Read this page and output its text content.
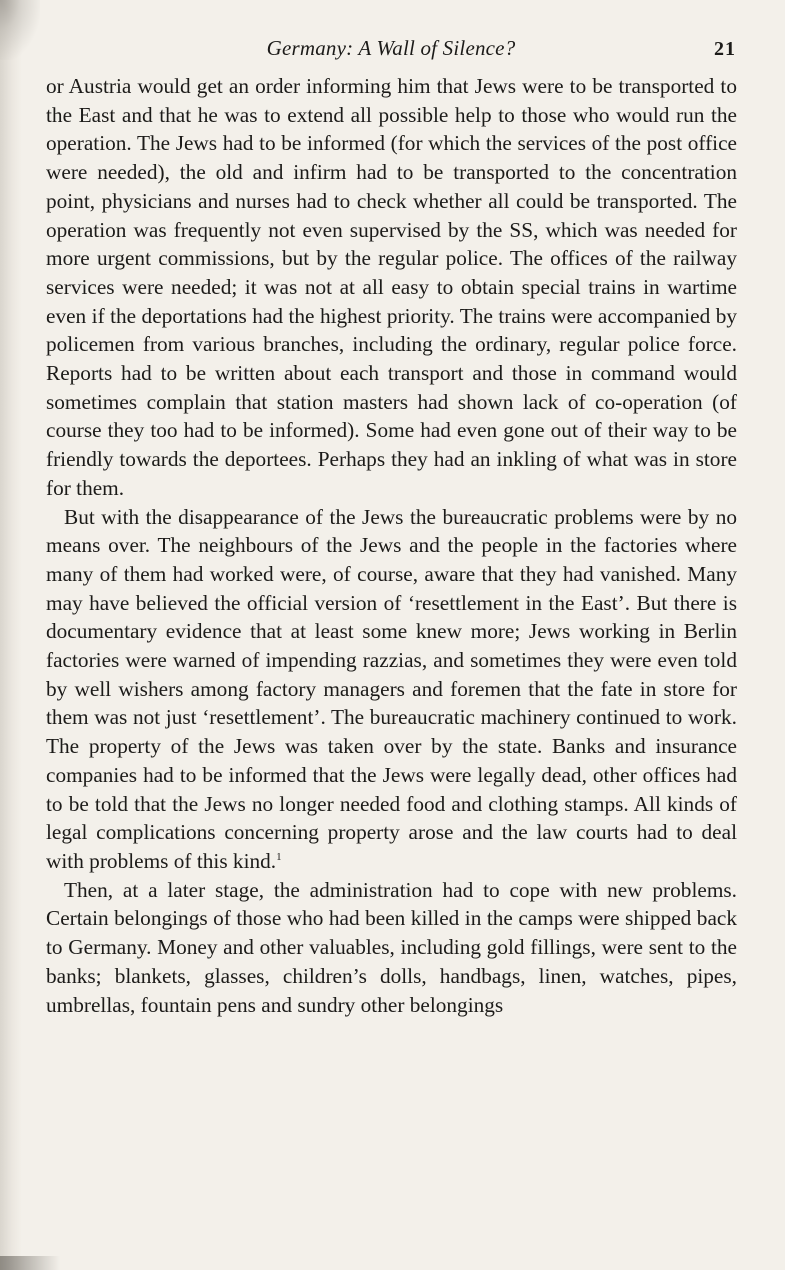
Germany: A Wall of Silence?	21

or Austria would get an order informing him that Jews were to be transported to the East and that he was to extend all possible help to those who would run the operation. The Jews had to be informed (for which the services of the post office were needed), the old and infirm had to be transported to the concentration point, physicians and nurses had to check whether all could be transported. The operation was frequently not even supervised by the SS, which was needed for more urgent commissions, but by the regular police. The offices of the railway services were needed; it was not at all easy to obtain special trains in wartime even if the deportations had the highest priority. The trains were accompanied by policemen from various branches, including the ordinary, regular police force. Reports had to be written about each transport and those in command would sometimes complain that station masters had shown lack of co-operation (of course they too had to be informed). Some had even gone out of their way to be friendly towards the deportees. Perhaps they had an inkling of what was in store for them.

But with the disappearance of the Jews the bureaucratic problems were by no means over. The neighbours of the Jews and the people in the factories where many of them had worked were, of course, aware that they had vanished. Many may have believed the official version of ‘resettlement in the East’. But there is documentary evidence that at least some knew more; Jews working in Berlin factories were warned of impending razzias, and sometimes they were even told by well wishers among factory managers and foremen that the fate in store for them was not just ‘resettlement’. The bureaucratic machinery continued to work. The property of the Jews was taken over by the state. Banks and insurance companies had to be informed that the Jews were legally dead, other offices had to be told that the Jews no longer needed food and clothing stamps. All kinds of legal complications concerning property arose and the law courts had to deal with problems of this kind.$^1$

Then, at a later stage, the administration had to cope with new problems. Certain belongings of those who had been killed in the camps were shipped back to Germany. Money and other valuables, including gold fillings, were sent to the banks; blankets, glasses, children’s dolls, handbags, linen, watches, pipes, umbrellas, fountain pens and sundry other belongings
